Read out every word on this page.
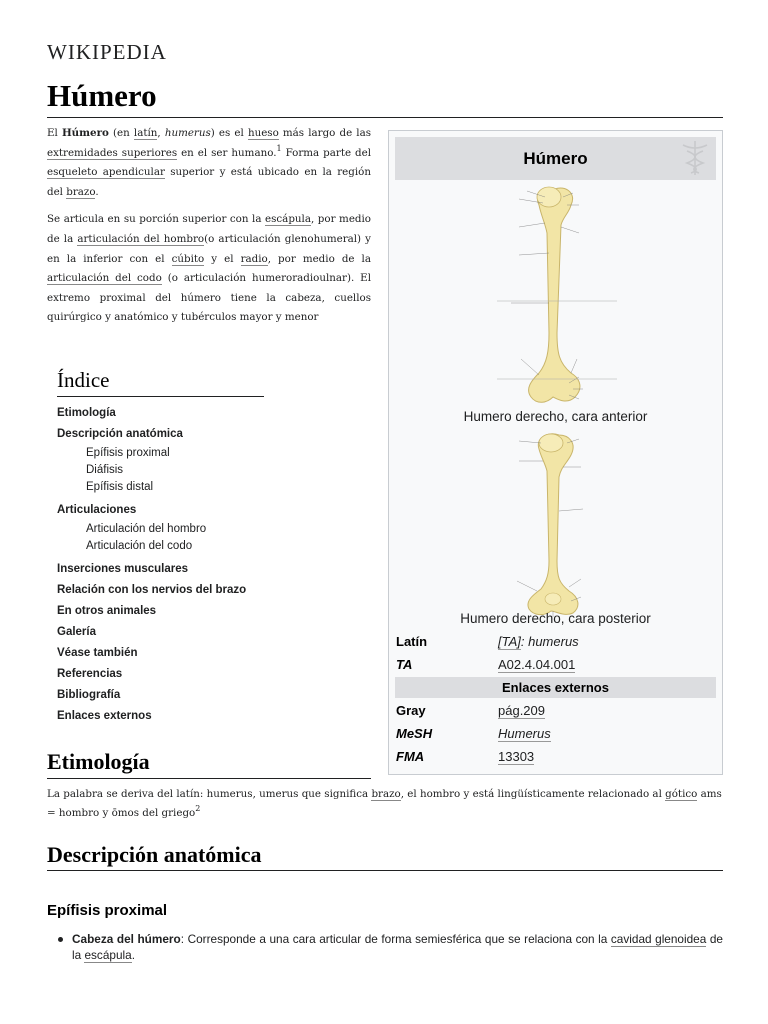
WIKIPEDIA
Húmero

El Húmero (en latín, humerus) es el hueso más largo de las extremidades superiores en el ser humano.$^1$ Forma parte del esqueleto apendicular superior y está ubicado en la región del brazo.

Se articula en su porción superior con la escápula, por medio de la articulación del hombro(o articulación glenohumeral) y en la inferior con el cúbito y el radio, por medio de la articulación del codo (o articulación humeroradioulnar). El extremo proximal del húmero tiene la cabeza, cuellos quirúrgico y anatómico y tubérculos mayor y menor

Índice
Etimología
Descripción anatómica
Epífisis proximal
Diáfisis
Epífisis distal
Articulaciones
Articulación del hombro
Articulación del codo
Inserciones musculares
Relación con los nervios del brazo
En otros animales
Galería
Véase también
Referencias
Bibliografía
Enlaces externos
Húmero
Humero derecho, cara anterior
Humero derecho, cara posterior
Latín	[TA]: humerus
TA	A02.4.04.001
Enlaces externos
Gray	pág.209
MeSH	Humerus
FMA	13303
Etimología
La palabra se deriva del latín: humerus, umerus que significa brazo, el hombro y está lingüísticamente relacionado al gótico ams = hombro y ōmos del griego$^2$
Descripción anatómica
Epífisis proximal
Cabeza del húmero: Corresponde a una cara articular de forma semiesférica que se relaciona con la cavidad glenoidea de la escápula.
